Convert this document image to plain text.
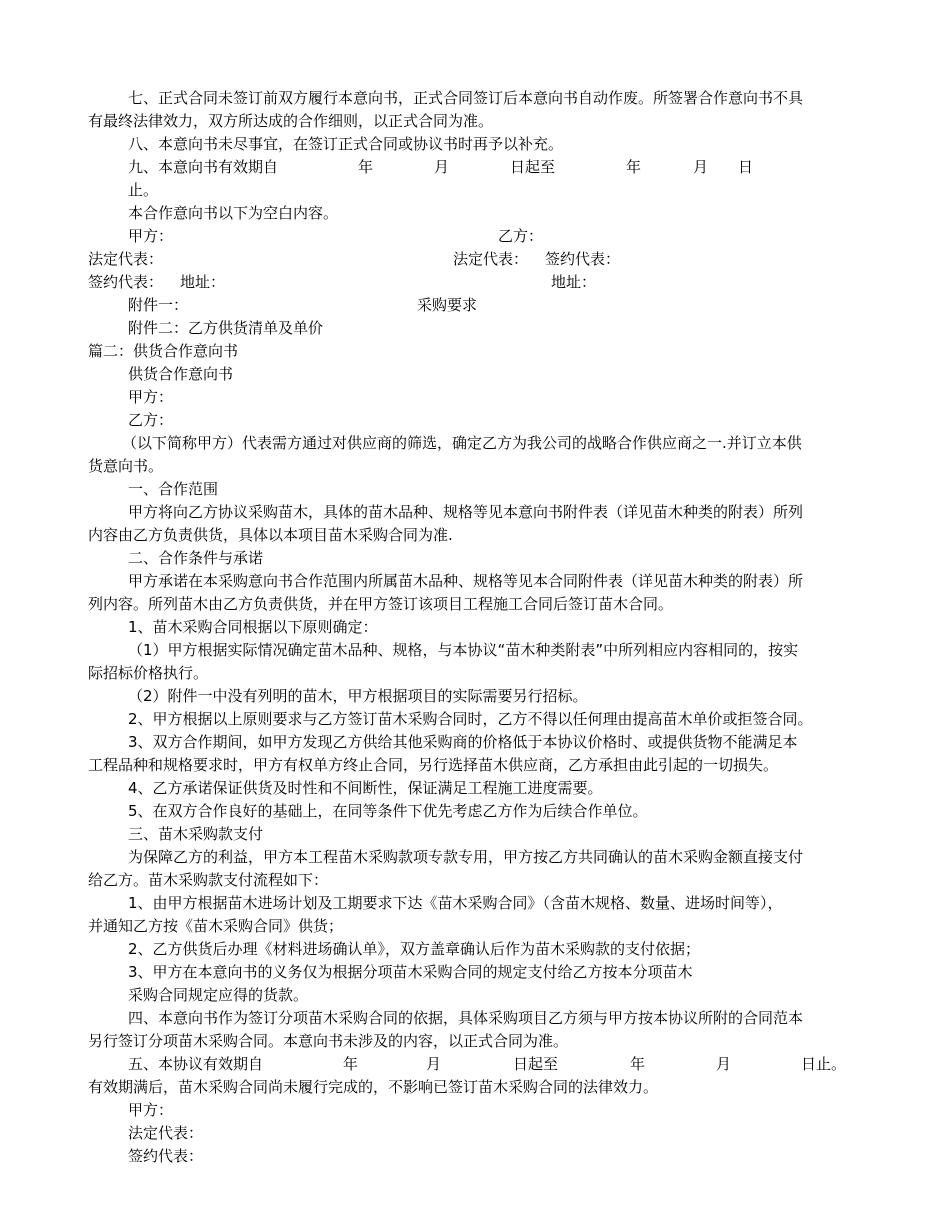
七、正式合同未签订前双方履行本意向书，正式合同签订后本意向书自动作废。所签署合作意向书不具
有最终法律效力，双方所达成的合作细则，以正式合同为准。
八、本意向书未尽事宜，在签订正式合同或协议书时再予以补充。
九、本意向书有效期自	年	月	日起至	年	月 日
止。
本合作意向书以下为空白内容。
甲方：	乙方：
法定代表：	法定代表： 签约代表：
签约代表： 地址：	地址：
附件一：	采购要求
附件二：乙方供货清单及单价
篇二：供货合作意向书
供货合作意向书
甲方：
乙方：
（以下简称甲方）代表需方通过对供应商的筛选，确定乙方为我公司的战略合作供应商之一.并订立本供
货意向书。
一、合作范围
甲方将向乙方协议采购苗木，具体的苗木品种、规格等见本意向书附件表（详见苗木种类的附表）所列
内容由乙方负责供货，具体以本项目苗木采购合同为准.
二、合作条件与承诺
甲方承诺在本采购意向书合作范围内所属苗木品种、规格等见本合同附件表（详见苗木种类的附表）所
列内容。所列苗木由乙方负责供货，并在甲方签订该项目工程施工合同后签订苗木合同。
1、苗木采购合同根据以下原则确定：
（1）甲方根据实际情况确定苗木品种、规格，与本协议“苗木种类附表”中所列相应内容相同的，按实
际招标价格执行。
（2）附件一中没有列明的苗木，甲方根据项目的实际需要另行招标。
2、甲方根据以上原则要求与乙方签订苗木采购合同时，乙方不得以任何理由提高苗木单价或拒签合同。
3、双方合作期间，如甲方发现乙方供给其他采购商的价格低于本协议价格时、或提供货物不能满足本
工程品种和规格要求时，甲方有权单方终止合同，另行选择苗木供应商，乙方承担由此引起的一切损失。
4、乙方承诺保证供货及时性和不间断性，保证满足工程施工进度需要。
5、在双方合作良好的基础上，在同等条件下优先考虑乙方作为后续合作单位。
三、苗木采购款支付
为保障乙方的利益，甲方本工程苗木采购款项专款专用，甲方按乙方共同确认的苗木采购金额直接支付
给乙方。苗木采购款支付流程如下：
1、由甲方根据苗木进场计划及工期要求下达《苗木采购合同》（含苗木规格、数量、进场时间等），
并通知乙方按《苗木采购合同》供货；
2、乙方供货后办理《材料进场确认单》，双方盖章确认后作为苗木采购款的支付依据；
3、甲方在本意向书的义务仅为根据分项苗木采购合同的规定支付给乙方按本分项苗木
采购合同规定应得的货款。
四、本意向书作为签订分项苗木采购合同的依据，具体采购项目乙方须与甲方按本协议所附的合同范本
另行签订分项苗木采购合同。本意向书未涉及的内容，以正式合同为准。
五、本协议有效期自	年	月	日起至	年	月	日止。
有效期满后，苗木采购合同尚未履行完成的，不影响已签订苗木采购合同的法律效力。
甲方：
法定代表：
签约代表：
